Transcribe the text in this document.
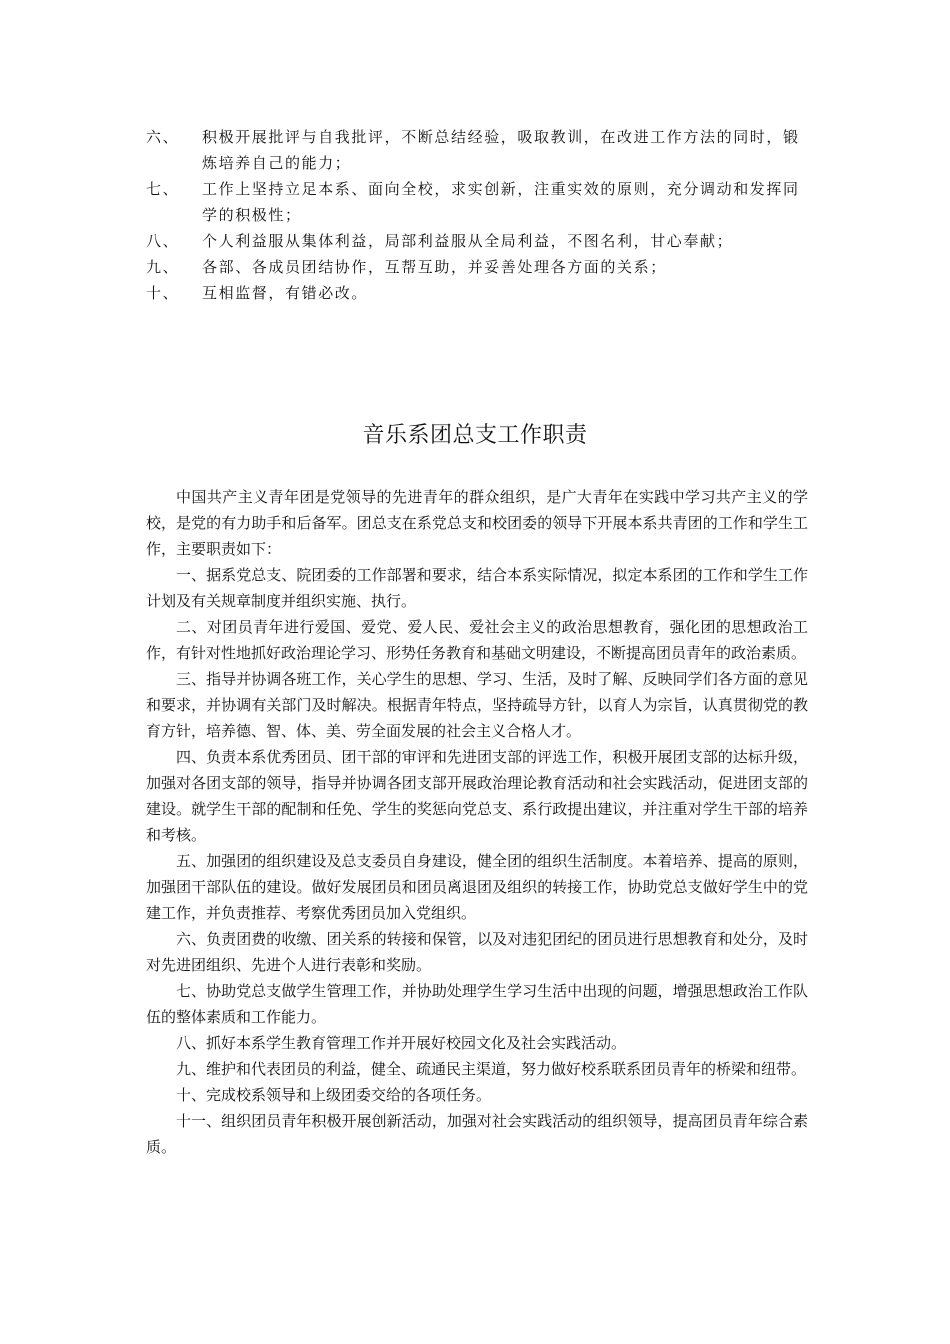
六、 积极开展批评与自我批评，不断总结经验，吸取教训，在改进工作方法的同时，锻炼培养自己的能力；
七、 工作上坚持立足本系、面向全校，求实创新，注重实效的原则，充分调动和发挥同学的积极性；
八、 个人利益服从集体利益，局部利益服从全局利益，不图名利，甘心奉献；
九、 各部、各成员团结协作，互帮互助，并妥善处理各方面的关系；
十、 互相监督，有错必改。
音乐系团总支工作职责

中国共产主义青年团是党领导的先进青年的群众组织，是广大青年在实践中学习共产主义的学校，是党的有力助手和后备军。团总支在系党总支和校团委的领导下开展本系共青团的工作和学生工作，主要职责如下：

一、据系党总支、院团委的工作部署和要求，结合本系实际情况，拟定本系团的工作和学生工作计划及有关规章制度并组织实施、执行。

二、对团员青年进行爱国、爱党、爱人民、爱社会主义的政治思想教育，强化团的思想政治工作，有针对性地抓好政治理论学习、形势任务教育和基础文明建设，不断提高团员青年的政治素质。

三、指导并协调各班工作，关心学生的思想、学习、生活，及时了解、反映同学们各方面的意见和要求，并协调有关部门及时解决。根据青年特点，坚持疏导方针，以育人为宗旨，认真贯彻党的教育方针，培养德、智、体、美、劳全面发展的社会主义合格人才。

四、负责本系优秀团员、团干部的审评和先进团支部的评选工作，积极开展团支部的达标升级，加强对各团支部的领导，指导并协调各团支部开展政治理论教育活动和社会实践活动，促进团支部的建设。就学生干部的配制和任免、学生的奖惩向党总支、系行政提出建议，并注重对学生干部的培养和考核。

五、加强团的组织建设及总支委员自身建设，健全团的组织生活制度。本着培养、提高的原则，加强团干部队伍的建设。做好发展团员和团员离退团及组织的转接工作，协助党总支做好学生中的党建工作，并负责推荐、考察优秀团员加入党组织。

六、负责团费的收缴、团关系的转接和保管，以及对违犯团纪的团员进行思想教育和处分，及时对先进团组织、先进个人进行表彰和奖励。

七、协助党总支做学生管理工作，并协助处理学生学习生活中出现的问题，增强思想政治工作队伍的整体素质和工作能力。

八、抓好本系学生教育管理工作并开展好校园文化及社会实践活动。

九、维护和代表团员的利益，健全、疏通民主渠道，努力做好校系联系团员青年的桥梁和纽带。

十、完成校系领导和上级团委交给的各项任务。

十一、组织团员青年积极开展创新活动，加强对社会实践活动的组织领导，提高团员青年综合素质。
